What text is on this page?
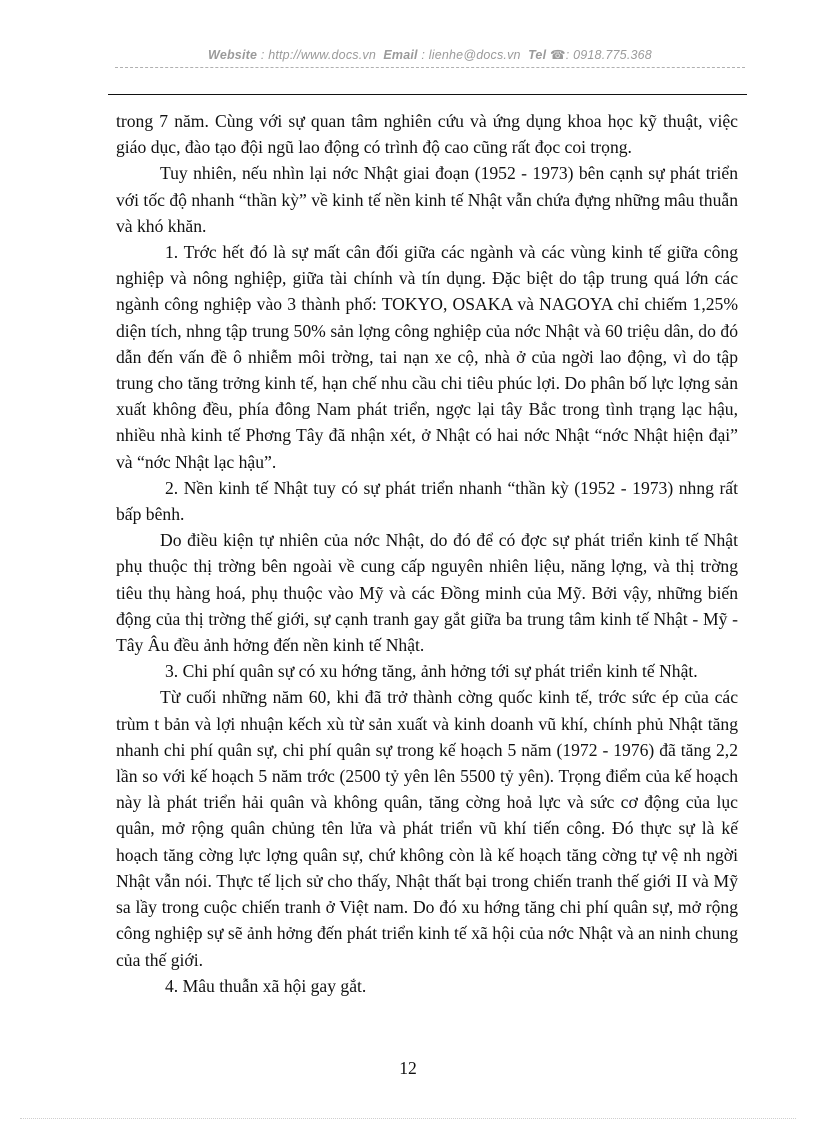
Website : http://www.docs.vn Email : lienhe@docs.vn Tel ☎: 0918.775.368

trong 7 năm. Cùng với sự quan tâm nghiên cứu và ứng dụng khoa học kỹ thuật, việc giáo dục, đào tạo đội ngũ lao động có trình độ cao cũng rất đọc coi trọng.

Tuy nhiên, nếu nhìn lại nớc Nhật giai đoạn (1952 - 1973) bên cạnh sự phát triển với tốc độ nhanh “thần kỳ” về kinh tế nền kinh tế Nhật vẫn chứa đựng những mâu thuẫn và khó khăn.

1. Trớc hết đó là sự mất cân đối giữa các ngành và các vùng kinh tế giữa công nghiệp và nông nghiệp, giữa tài chính và tín dụng. Đặc biệt do tập trung quá lớn các ngành công nghiệp vào 3 thành phố: TOKYO, OSAKA và NAGOYA chỉ chiếm 1,25% diện tích, nhng tập trung 50% sản lợng công nghiệp của nớc Nhật và 60 triệu dân, do đó dẫn đến vấn đề ô nhiễm môi trờng, tai nạn xe cộ, nhà ở của ngời lao động, vì do tập trung cho tăng trởng kinh tế, hạn chế nhu cầu chi tiêu phúc lợi. Do phân bố lực lợng sản xuất không đều, phía đông Nam phát triển, ngợc lại tây Bắc trong tình trạng lạc hậu, nhiều nhà kinh tế Phơng Tây đã nhận xét, ở Nhật có hai nớc Nhật “nớc Nhật hiện đại” và “nớc Nhật lạc hậu”.

2. Nền kinh tế Nhật tuy có sự phát triển nhanh “thần kỳ (1952 - 1973) nhng rất bấp bênh.

Do điều kiện tự nhiên của nớc Nhật, do đó để có đợc sự phát triển kinh tế Nhật phụ thuộc thị trờng bên ngoài về cung cấp nguyên nhiên liệu, năng lợng, và thị trờng tiêu thụ hàng hoá, phụ thuộc vào Mỹ và các Đồng minh của Mỹ. Bởi vậy, những biến động của thị trờng thế giới, sự cạnh tranh gay gắt giữa ba trung tâm kinh tế Nhật - Mỹ - Tây Âu đều ảnh hởng đến nền kinh tế Nhật.

3. Chi phí quân sự có xu hớng tăng, ảnh hởng tới sự phát triển kinh tế Nhật.

Từ cuối những năm 60, khi đã trở thành cờng quốc kinh tế, trớc sức ép của các trùm t bản và lợi nhuận kếch xù từ sản xuất và kinh doanh vũ khí, chính phủ Nhật tăng nhanh chi phí quân sự, chi phí quân sự trong kế hoạch 5 năm (1972 - 1976) đã tăng 2,2 lần so với kế hoạch 5 năm trớc (2500 tỷ yên lên 5500 tỷ yên). Trọng điểm của kế hoạch này là phát triển hải quân và không quân, tăng cờng hoả lực và sức cơ động của lục quân, mở rộng quân chủng tên lửa và phát triển vũ khí tiến công. Đó thực sự là kế hoạch tăng cờng lực lợng quân sự, chứ không còn là kế hoạch tăng cờng tự vệ nh ngời Nhật vẫn nói. Thực tế lịch sử cho thấy, Nhật thất bại trong chiến tranh thế giới II và Mỹ sa lầy trong cuộc chiến tranh ở Việt nam. Do đó xu hớng tăng chi phí quân sự, mở rộng công nghiệp sự sẽ ảnh hởng đến phát triển kinh tế xã hội của nớc Nhật và an ninh chung của thế giới.

4. Mâu thuẫn xã hội gay gắt.

12
